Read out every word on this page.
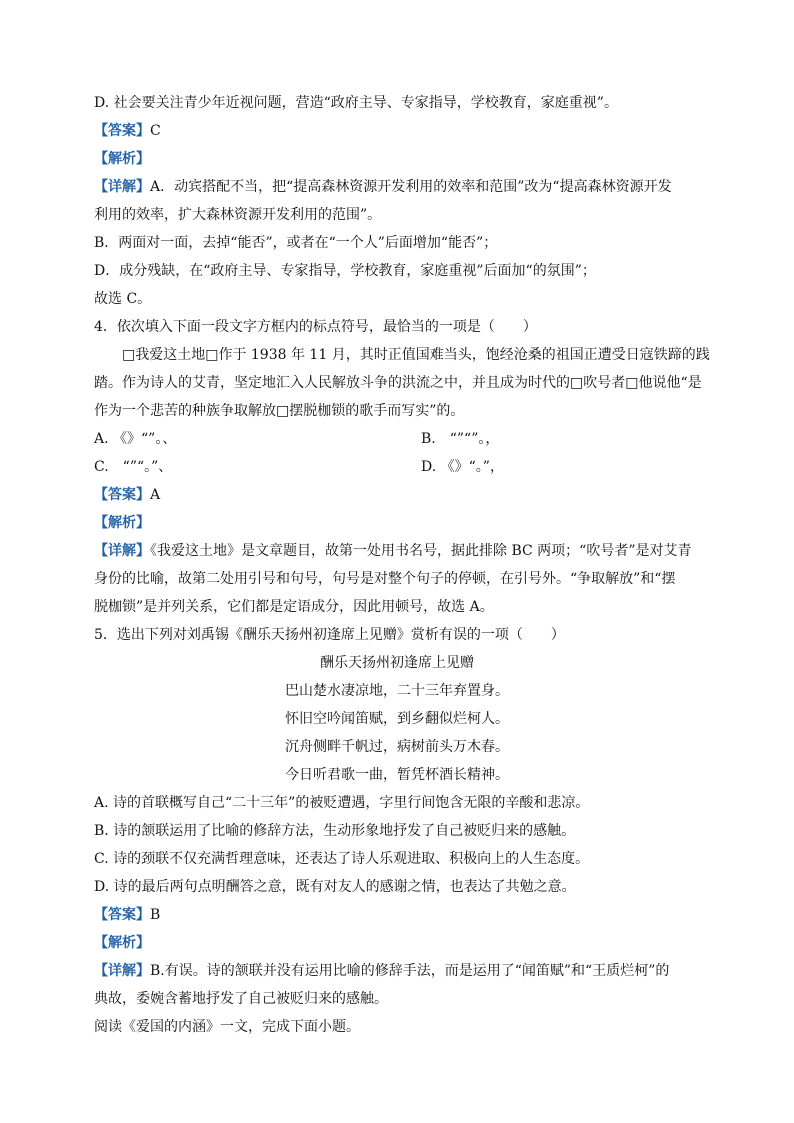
D. 社会要关注青少年近视问题，营造“政府主导、专家指导，学校教育，家庭重视”。
【答案】C
【解析】
【详解】A．动宾搭配不当，把“提高森林资源开发利用的效率和范围”改为“提高森林资源开发
利用的效率，扩大森林资源开发利用的范围”。
B．两面对一面，去掉“能否”，或者在“一个人”后面增加“能否”；
D．成分残缺，在“政府主导、专家指导，学校教育，家庭重视”后面加“的氛围”；
故选 C。
4．依次填入下面一段文字方框内的标点符号，最恰当的一项是（　　）
□我爱这土地□作于 1938 年 11 月，其时正值国难当头，饱经沧桑的祖国正遭受日寇铁蹄的践
踏。作为诗人的艾青，坚定地汇入人民解放斗争的洪流之中，并且成为时代的□吹号者□他说他“是
作为一个悲苦的种族争取解放□摆脱枷锁的歌手而写实”的。
A. 《》“”。、	B.　“”“”。，
C.　“”“。”、	D. 《》“。”，
【答案】A
【解析】
【详解】《我爱这土地》是文章题目，故第一处用书名号，据此排除 BC 两项；“吹号者”是对艾青
身份的比喻，故第二处用引号和句号，句号是对整个句子的停顿，在引号外。“争取解放”和“摆
脱枷锁”是并列关系，它们都是定语成分，因此用顿号，故选 A。
5．选出下列对刘禹锡《酬乐天扬州初逢席上见赠》赏析有误的一项（　　）
酬乐天扬州初逢席上见赠
巴山楚水凄凉地，二十三年弃置身。
怀旧空吟闻笛赋，到乡翻似烂柯人。
沉舟侧畔千帆过，病树前头万木春。
今日听君歌一曲，暂凭杯酒长精神。
A. 诗的首联概写自己“二十三年”的被贬遭遇，字里行间饱含无限的辛酸和悲凉。
B. 诗的颔联运用了比喻的修辞方法，生动形象地抒发了自己被贬归来的感触。
C. 诗的颈联不仅充满哲理意味，还表达了诗人乐观进取、积极向上的人生态度。
D. 诗的最后两句点明酬答之意，既有对友人的感谢之情，也表达了共勉之意。
【答案】B
【解析】
【详解】B.有误。诗的颔联并没有运用比喻的修辞手法，而是运用了“闻笛赋”和“王质烂柯”的
典故，委婉含蓄地抒发了自己被贬归来的感触。
阅读《爱国的内涵》一文，完成下面小题。
